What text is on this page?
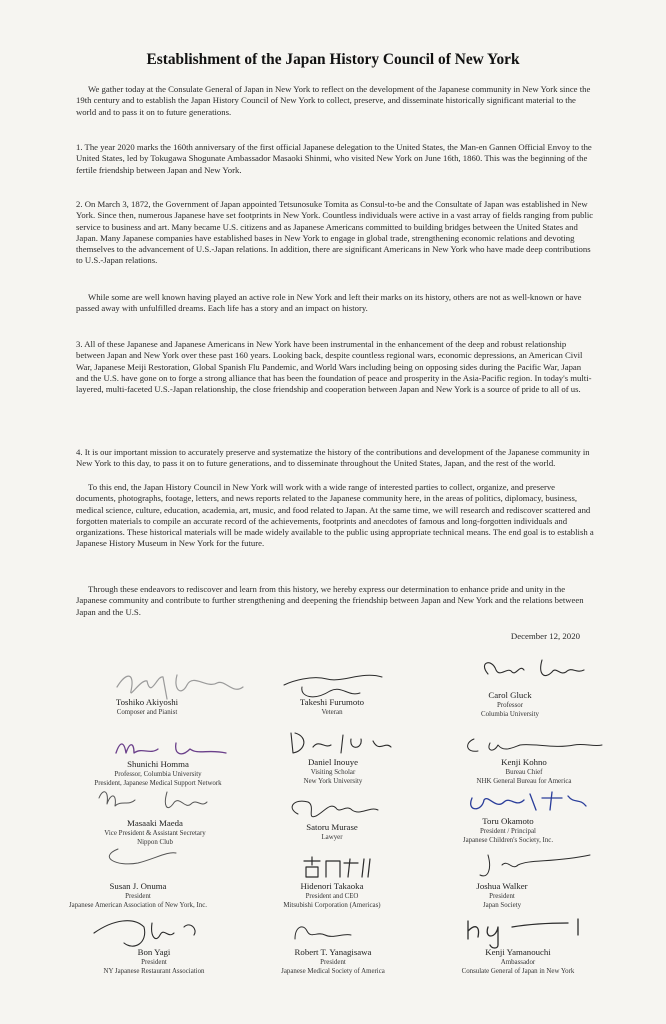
Establishment of the Japan History Council of New York

We gather today at the Consulate General of Japan in New York to reflect on the development of the Japanese community in New York since the 19th century and to establish the Japan History Council of New York to collect, preserve, and disseminate historically significant material to the world and to pass it on to future generations.

1. The year 2020 marks the 160th anniversary of the first official Japanese delegation to the United States, the Man-en Gannen Official Envoy to the United States, led by Tokugawa Shogunate Ambassador Masaoki Shinmi, who visited New York on June 16th, 1860. This was the beginning of the fertile friendship between Japan and New York.

2. On March 3, 1872, the Government of Japan appointed Tetsunosuke Tomita as Consul-to-be and the Consultate of Japan was established in New York. Since then, numerous Japanese have set footprints in New York. Countless individuals were active in a vast array of fields ranging from public service to business and art. Many became U.S. citizens and as Japanese Americans committed to building bridges between the United States and Japan. Many Japanese companies have established bases in New York to engage in global trade, strengthening economic relations and devoting themselves to the advancement of U.S.-Japan relations. In addition, there are significant Americans in New York who have made deep contributions to U.S.-Japan relations.

While some are well known having played an active role in New York and left their marks on its history, others are not as well-known or have passed away with unfulfilled dreams. Each life has a story and an impact on history.

3. All of these Japanese and Japanese Americans in New York have been instrumental in the enhancement of the deep and robust relationship between Japan and New York over these past 160 years. Looking back, despite countless regional wars, economic depressions, an American Civil War, Japanese Meiji Restoration, Global Spanish Flu Pandemic, and World Wars including being on opposing sides during the Pacific War, Japan and the U.S. have gone on to forge a strong alliance that has been the foundation of peace and prosperity in the Asia-Pacific region. In today's multi-layered, multi-faceted U.S.-Japan relationship, the close friendship and cooperation between Japan and New York is a source of pride to all of us.

4. It is our important mission to accurately preserve and systematize the history of the contributions and development of the Japanese community in New York to this day, to pass it on to future generations, and to disseminate throughout the United States, Japan, and the rest of the world.

To this end, the Japan History Council in New York will work with a wide range of interested parties to collect, organize, and preserve documents, photographs, footage, letters, and news reports related to the Japanese community here, in the areas of politics, diplomacy, business, medical science, culture, education, academia, art, music, and food related to Japan. At the same time, we will research and rediscover scattered and forgotten materials to compile an accurate record of the achievements, footprints and anecdotes of famous and long-forgotten individuals and organizations. These historical materials will be made widely available to the public using appropriate technical means. The end goal is to establish a Japanese History Museum in New York for the future.

Through these endeavors to rediscover and learn from this history, we hereby express our determination to enhance pride and unity in the Japanese community and contribute to further strengthening and deepening the friendship between Japan and New York and the relations between Japan and the U.S.

December 12, 2020
Toshiko Akiyoshi
Composer and Pianist
Takeshi Furumoto
Veteran
Carol Gluck
Professor
Columbia University
Shunichi Homma
Professor, Columbia University
President, Japanese Medical Support Network
Daniel Inouye
Visiting Scholar
New York University
Kenji Kohno
Bureau Chief
NHK General Bureau for America
Masaaki Maeda
Vice President & Assistant Secretary
Nippon Club
Satoru Murase
Lawyer
Toru Okamoto
President / Principal
Japanese Children's Society, Inc.
Susan J. Onuma
President
Japanese American Association of New York, Inc.
Hidenori Takaoka
President and CEO
Mitsubishi Corporation (Americas)
Joshua Walker
President
Japan Society
Bon Yagi
President
NY Japanese Restaurant Association
Robert T. Yanagisawa
President
Japanese Medical Society of America
Kenji Yamanouchi
Ambassador
Consulate General of Japan in New York
